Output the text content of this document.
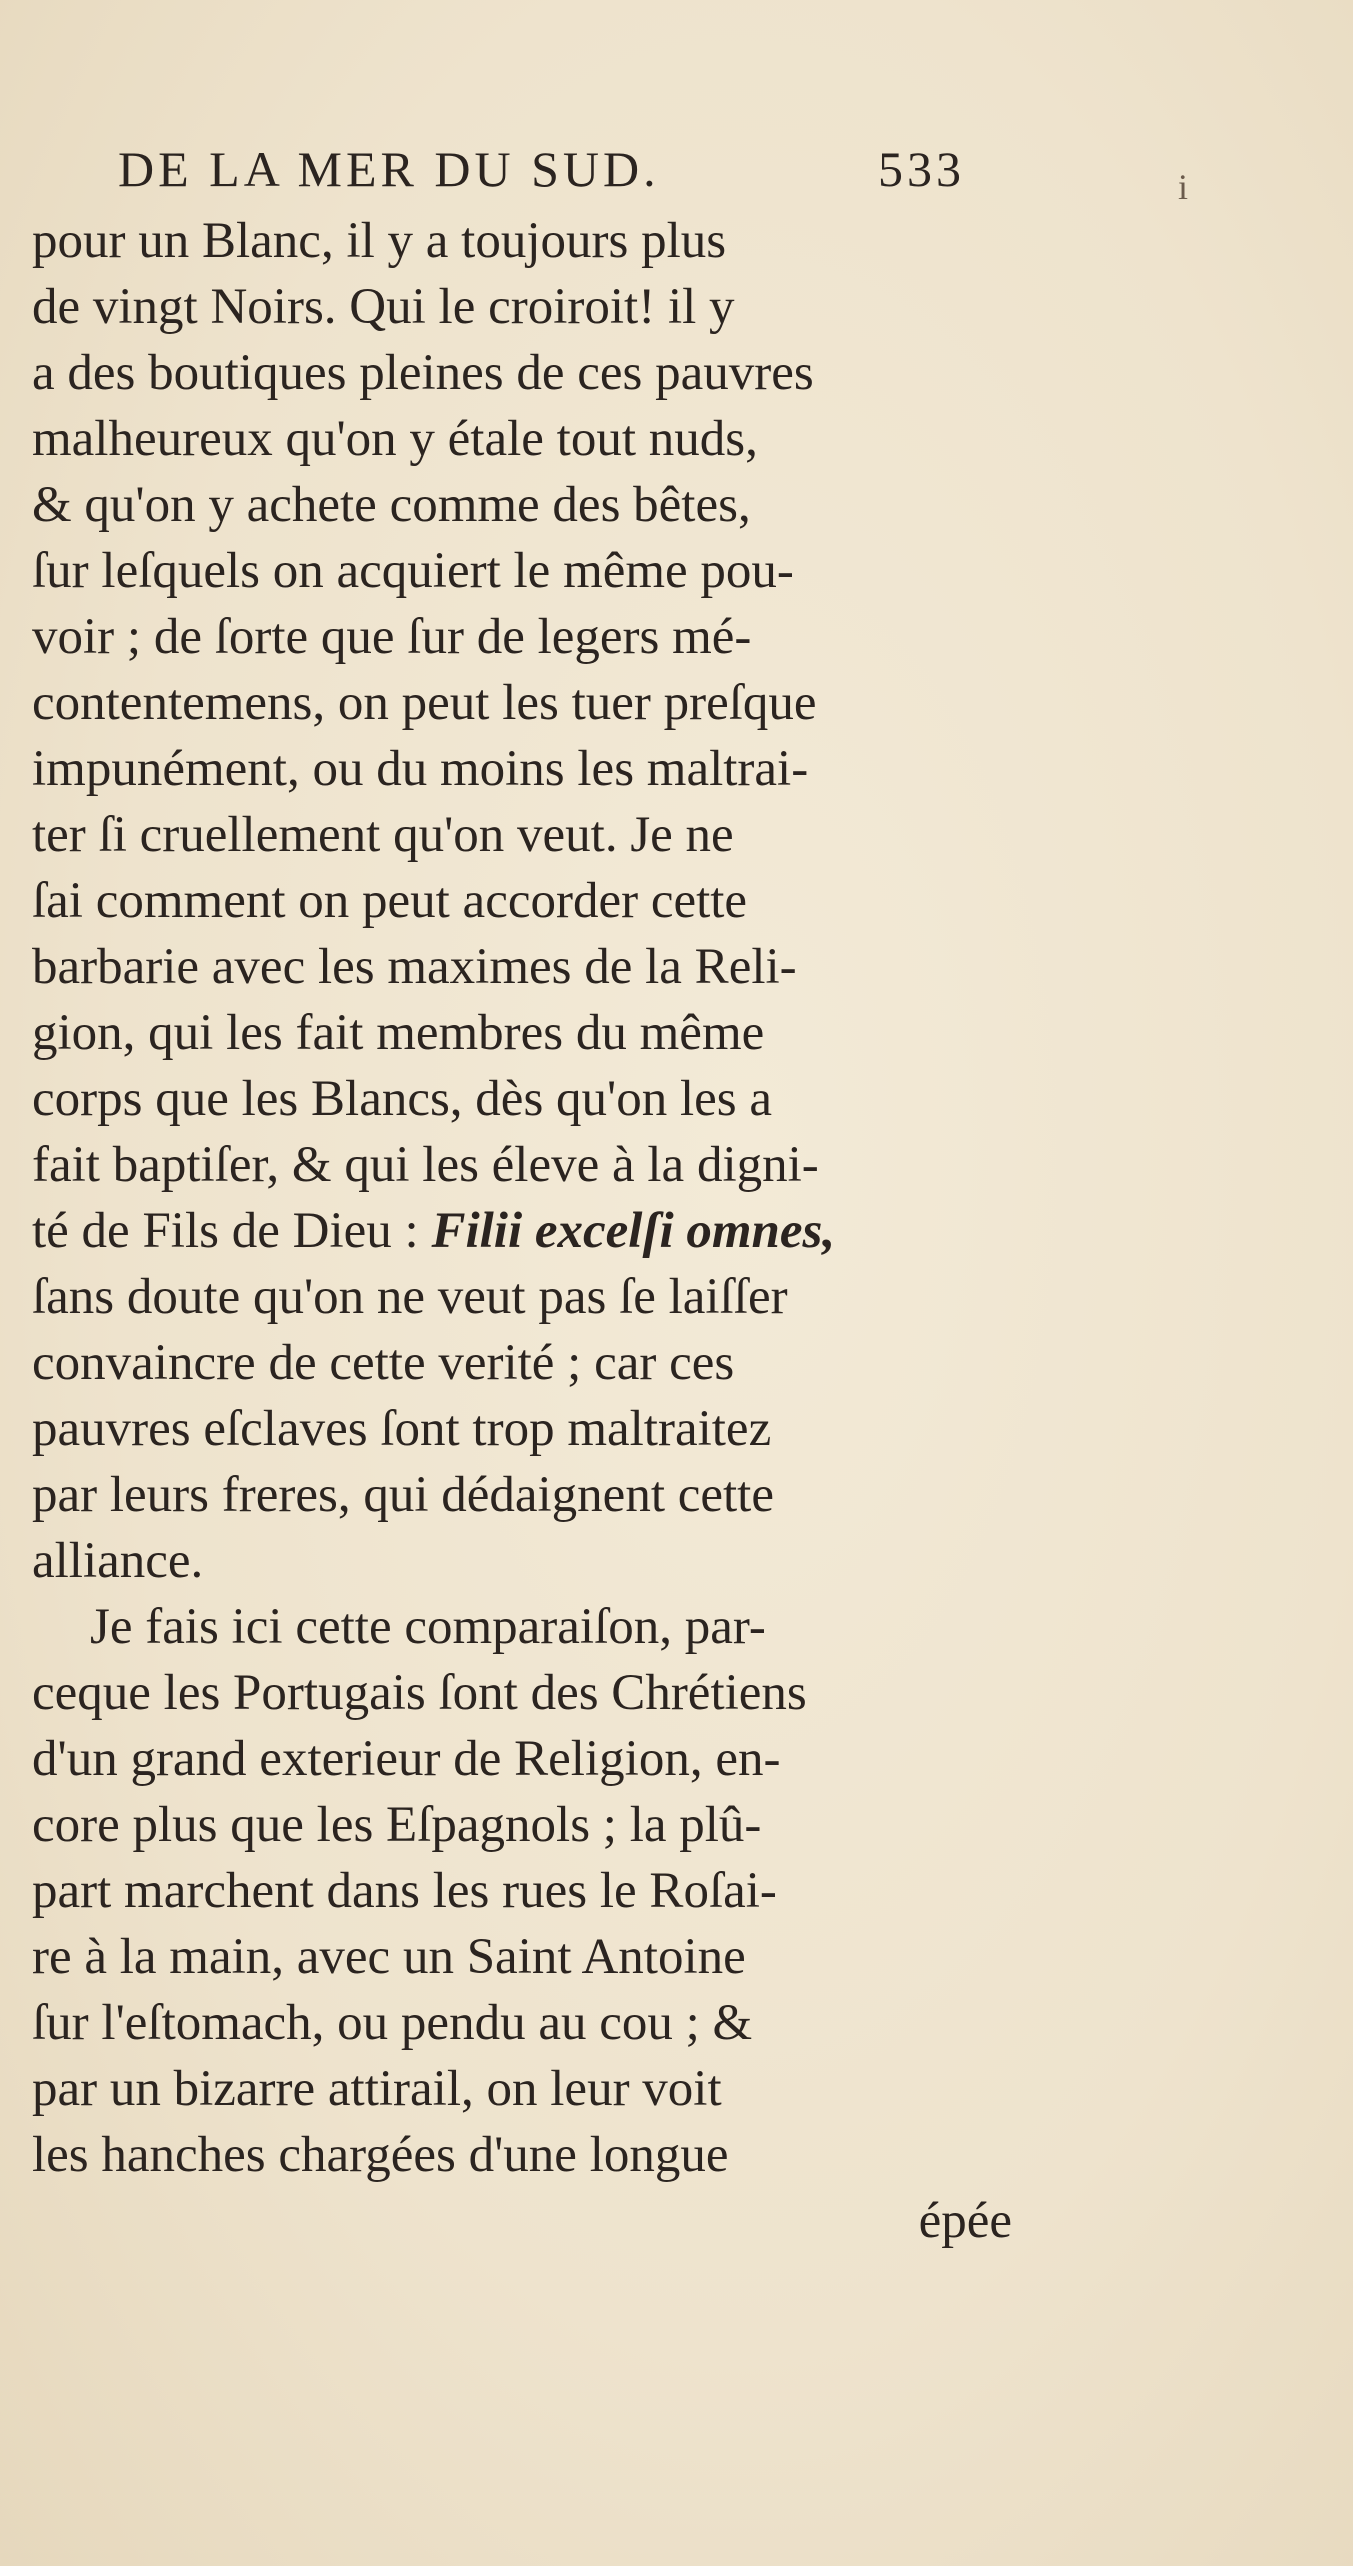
DE LA MER DU SUD.	533	i
pour un Blanc, il y a toujours plus
de vingt Noirs. Qui le croiroit! il y
a des boutiques pleines de ces pauvres
malheureux qu'on y étale tout nuds,
& qu'on y achete comme des bêtes,
ſur leſquels on acquiert le même pou-
voir ; de ſorte que ſur de legers mé-
contentemens, on peut les tuer preſque
impunément, ou du moins les maltrai-
ter ſi cruellement qu'on veut. Je ne
ſai comment on peut accorder cette
barbarie avec les maximes de la Reli-
gion, qui les fait membres du même
corps que les Blancs, dès qu'on les a
fait baptiſer, & qui les éleve à la digni-
té de Fils de Dieu : Filii excelſi omnes,
ſans doute qu'on ne veut pas ſe laiſſer
convaincre de cette verité ; car ces
pauvres eſclaves ſont trop maltraitez
par leurs freres, qui dédaignent cette
alliance.
Je fais ici cette comparaiſon, par-
ceque les Portugais ſont des Chrétiens
d'un grand exterieur de Religion, en-
core plus que les Eſpagnols ; la plû-
part marchent dans les rues le Roſai-
re à la main, avec un Saint Antoine
ſur l'eſtomach, ou pendu au cou ; &
par un bizarre attirail, on leur voit
les hanches chargées d'une longue
épée
